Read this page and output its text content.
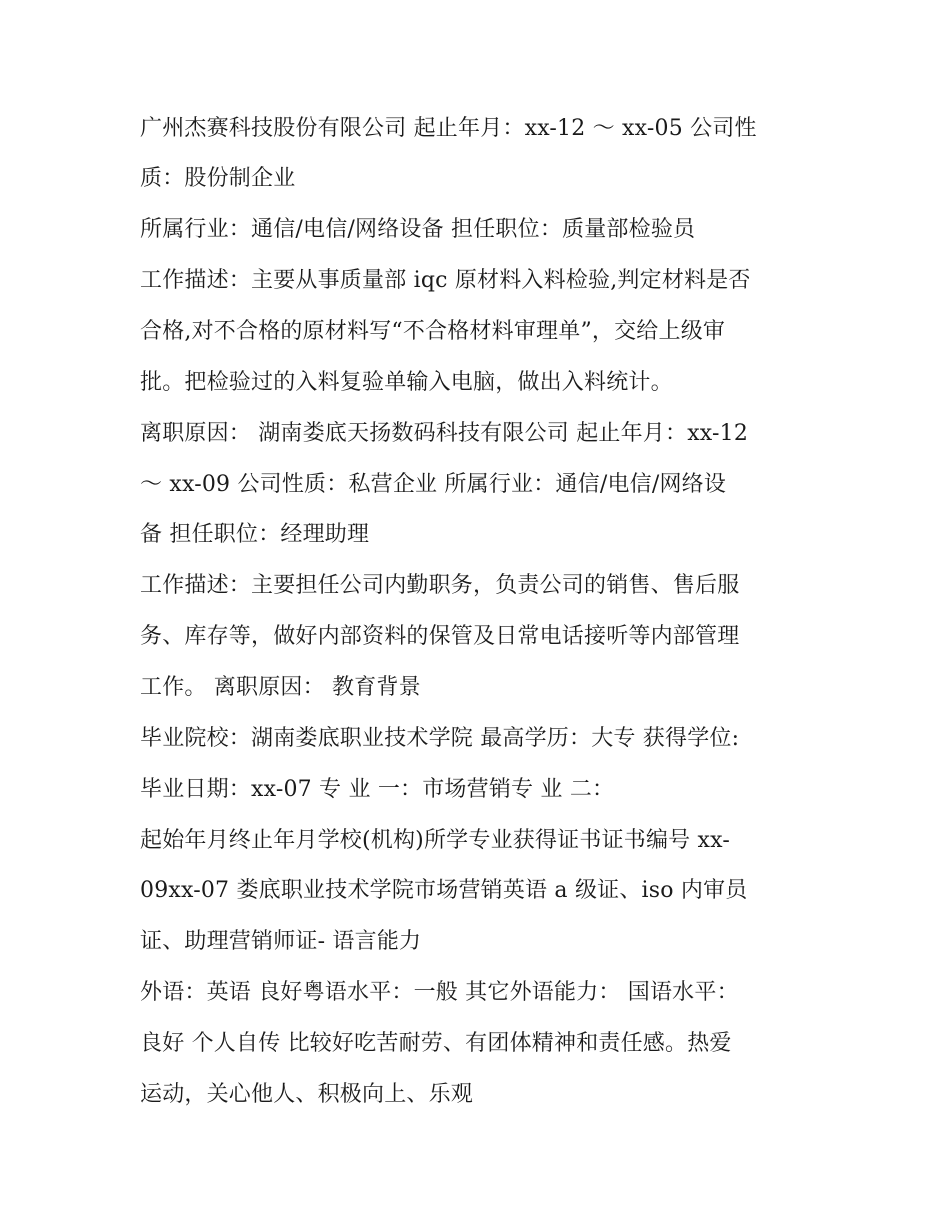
广州杰赛科技股份有限公司 起止年月：xx-12 ～ xx-05 公司性
质：股份制企业
所属行业：通信/电信/网络设备 担任职位：质量部检验员
工作描述：主要从事质量部 iqc 原材料入料检验,判定材料是否
合格,对不合格的原材料写“不合格材料审理单”，交给上级审
批。把检验过的入料复验单输入电脑，做出入料统计。
离职原因： 湖南娄底天扬数码科技有限公司 起止年月：xx-12
～ xx-09 公司性质：私营企业 所属行业：通信/电信/网络设
备 担任职位：经理助理
工作描述：主要担任公司内勤职务，负责公司的销售、售后服
务、库存等，做好内部资料的保管及日常电话接听等内部管理
工作。 离职原因： 教育背景
毕业院校：湖南娄底职业技术学院 最高学历：大专 获得学位:
毕业日期：xx-07 专 业 一：市场营销专 业 二：
起始年月终止年月学校(机构)所学专业获得证书证书编号 xx-
09xx-07 娄底职业技术学院市场营销英语 a 级证、iso 内审员
证、助理营销师证- 语言能力
外语：英语 良好粤语水平：一般 其它外语能力： 国语水平：
良好 个人自传 比较好吃苦耐劳、有团体精神和责任感。热爱
运动，关心他人、积极向上、乐观
